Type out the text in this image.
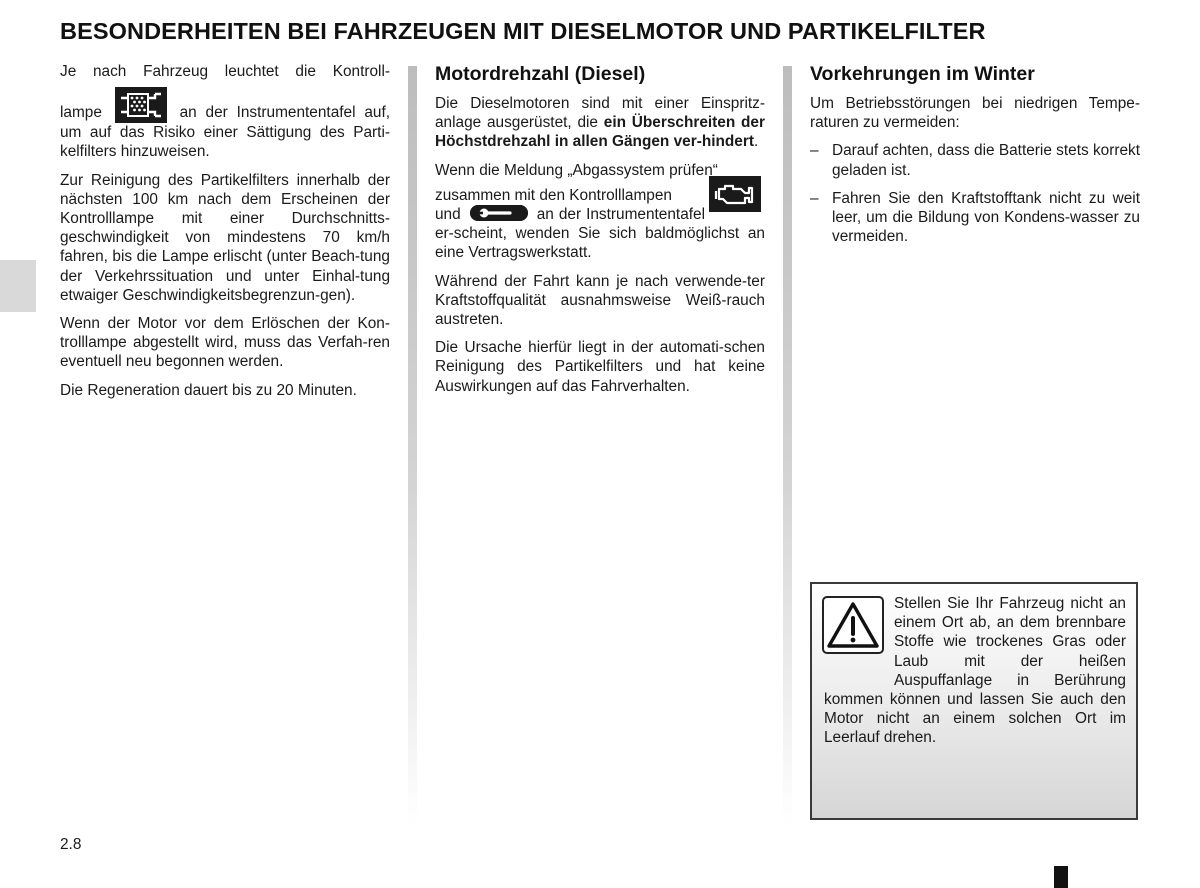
BESONDERHEITEN BEI FAHRZEUGEN MIT DIESELMOTOR UND PARTIKELFILTER

Je nach Fahrzeug leuchtet die Kontroll-

lampe	an der Instrumententafel auf, um auf das Risiko einer Sättigung des Parti-kelfilters hinzuweisen.

Zur Reinigung des Partikelfilters innerhalb der nächsten 100 km nach dem Erscheinen der Kontrolllampe mit einer Durchschnitts-geschwindigkeit von mindestens 70 km/h fahren, bis die Lampe erlischt (unter Beach-tung der Verkehrssituation und unter Einhal-tung etwaiger Geschwindigkeitsbegrenzun-gen).

Wenn der Motor vor dem Erlöschen der Kon-trolllampe abgestellt wird, muss das Verfah-ren eventuell neu begonnen werden.

Die Regeneration dauert bis zu 20 Minuten.

Motordrehzahl (Diesel)

Die Dieselmotoren sind mit einer Einspritz-anlage ausgerüstet, die ein Überschreiten der Höchstdrehzahl in allen Gängen ver-hindert.

Wenn die Meldung „Abgassystem prüfen“

zusammen mit den Kontrolllampen

und	an der Instrumententafel er-scheint, wenden Sie sich baldmöglichst an eine Vertragswerkstatt.

Während der Fahrt kann je nach verwende-ter Kraftstoffqualität ausnahmsweise Weiß-rauch austreten.

Die Ursache hierfür liegt in der automati-schen Reinigung des Partikelfilters und hat keine Auswirkungen auf das Fahrverhalten.

Vorkehrungen im Winter

Um Betriebsstörungen bei niedrigen Tempe-raturen zu vermeiden:

– Darauf achten, dass die Batterie stets korrekt geladen ist.
– Fahren Sie den Kraftstofftank nicht zu weit leer, um die Bildung von Kondens-wasser zu vermeiden.

Stellen Sie Ihr Fahrzeug nicht an einem Ort ab, an dem brennbare Stoffe wie trockenes Gras oder Laub mit der heißen Auspuffanlage in Berührung kommen können und lassen Sie auch den Motor nicht an einem solchen Ort im Leerlauf drehen.

2.8
